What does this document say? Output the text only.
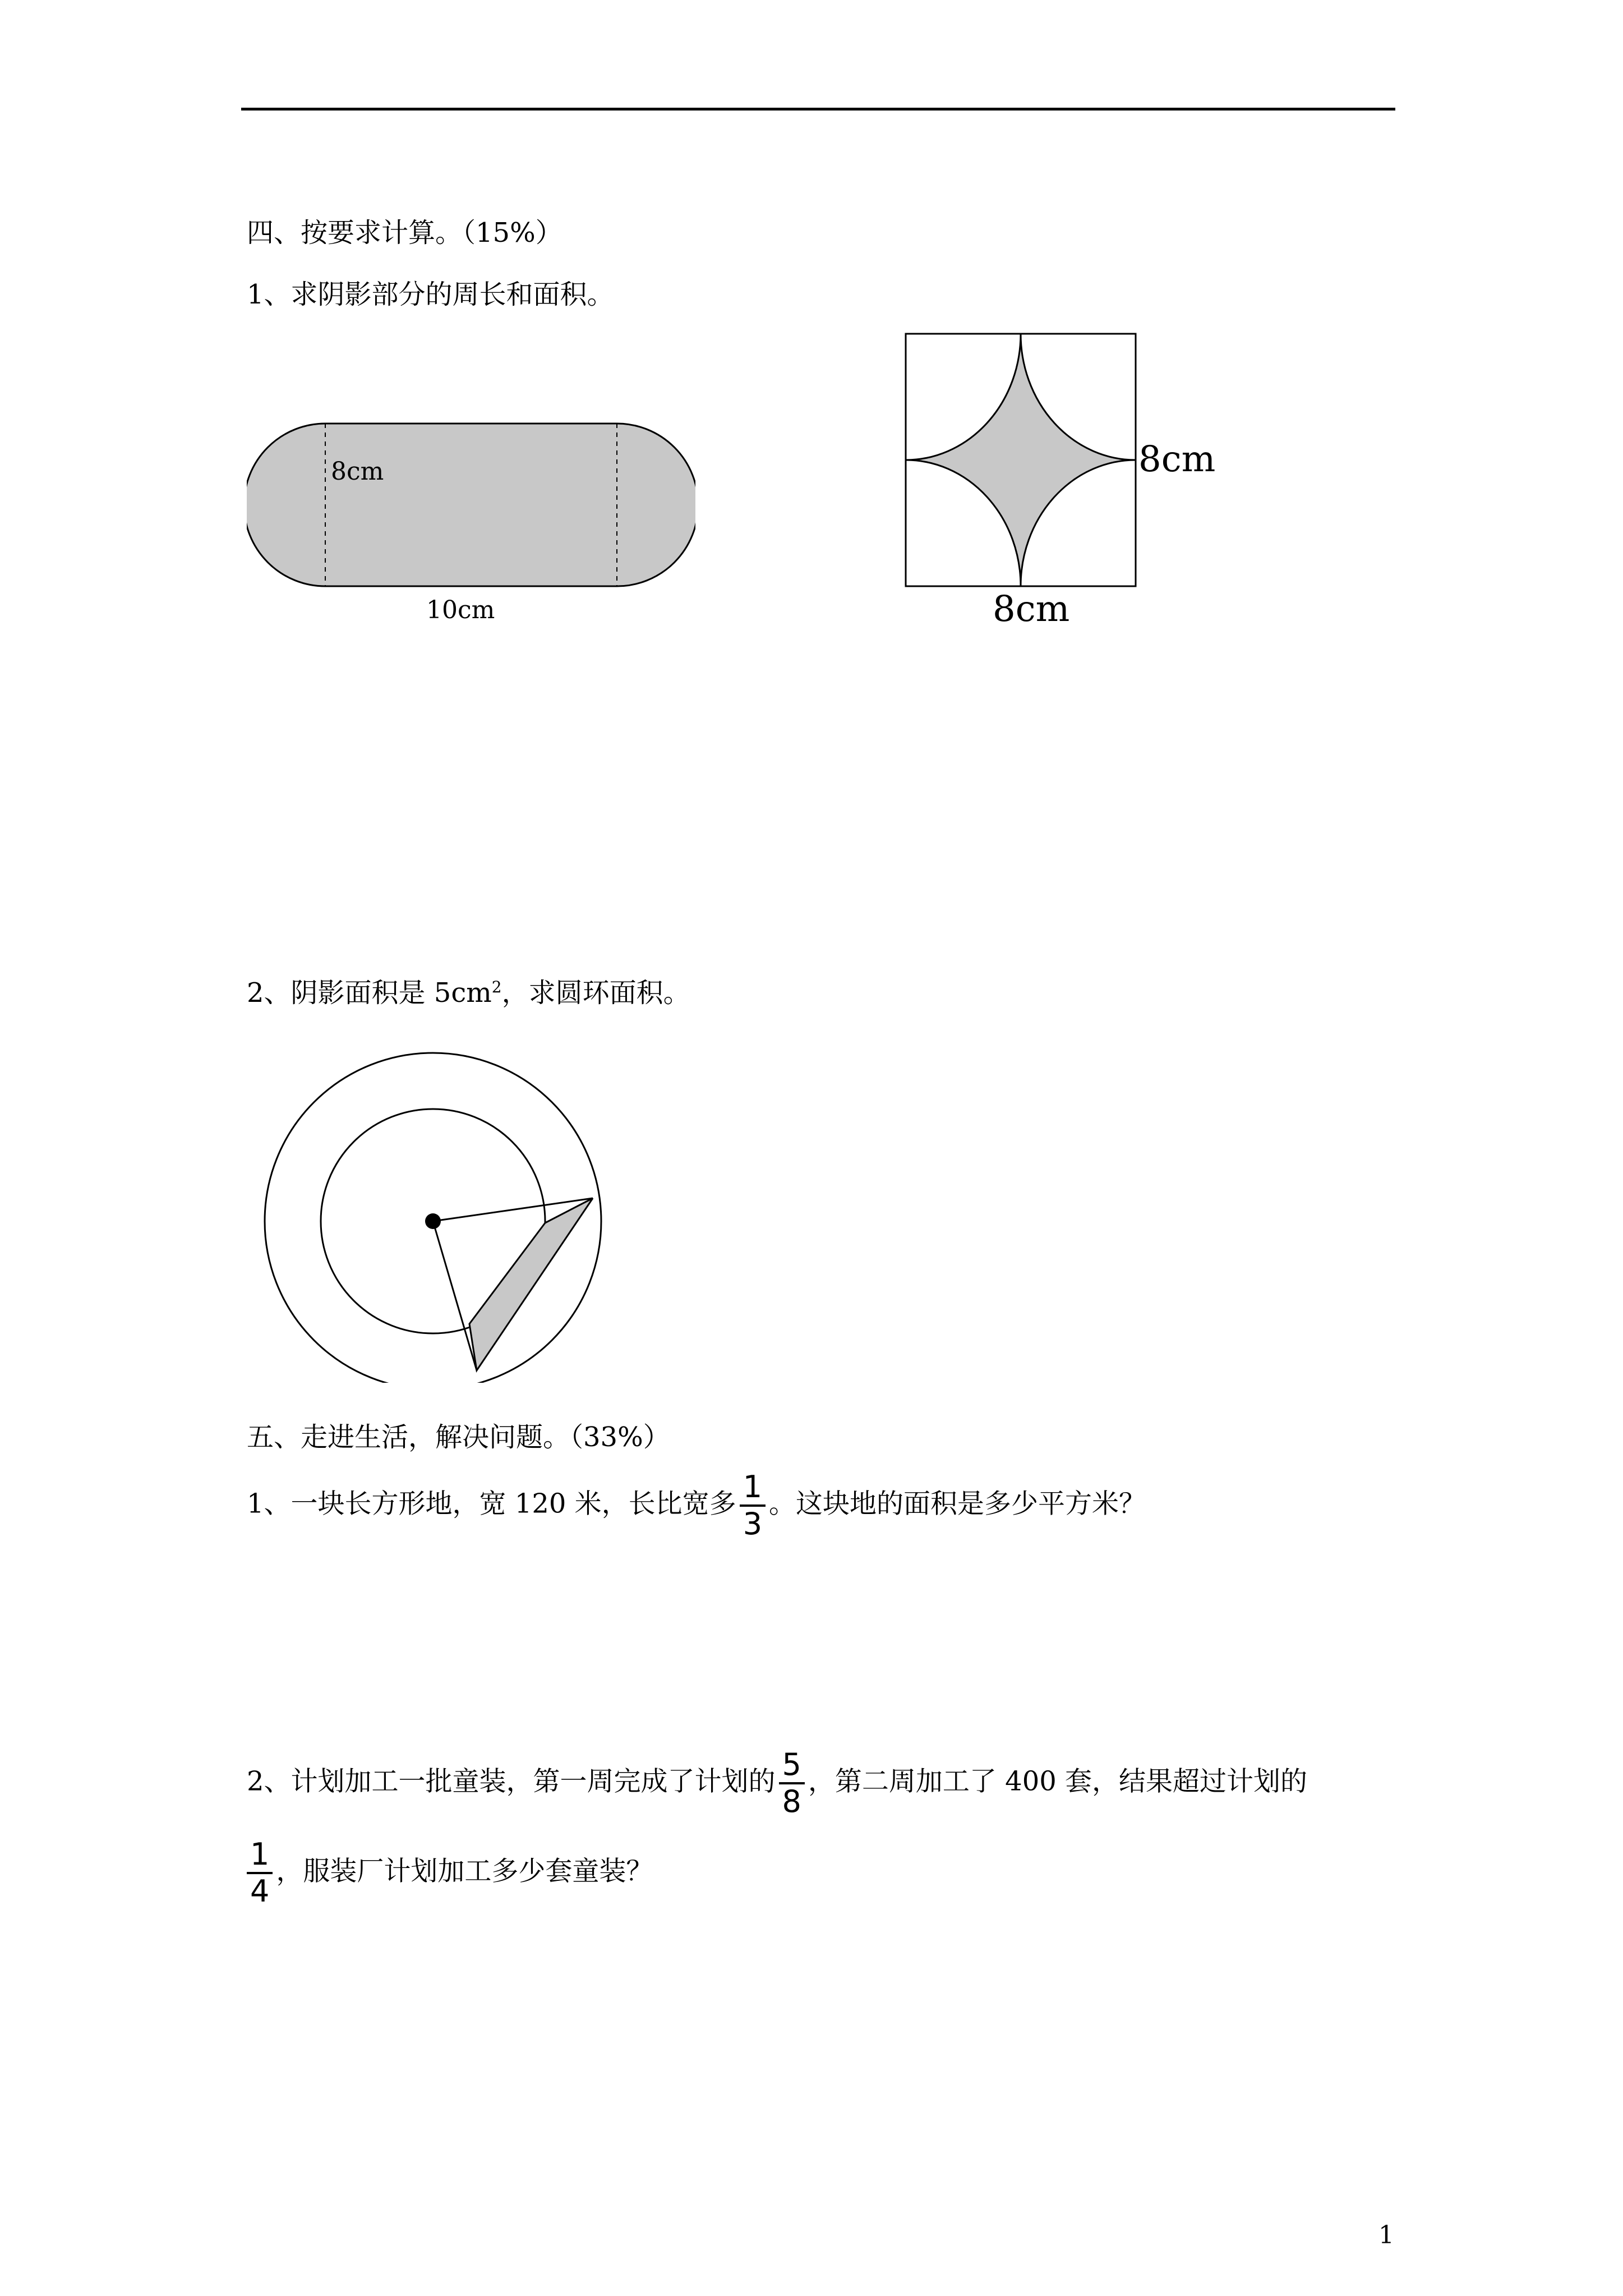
四、按要求计算。（15%）
1、求阴影部分的周长和面积。
8cm
10cm
8cm
8cm
2、阴影面积是 $5cm^2$，求圆环面积。
五、走进生活，解决问题。（33%）
1、一块长方形地，宽 120 米，长比宽多 $\frac{1}{3}$ 。这块地的面积是多少平方米？
2、计划加工一批童装，第一周完成了计划的 $\frac{5}{8}$ ，第二周加工了 400 套，结果超过计划的
$\frac{1}{4}$ ，服装厂计划加工多少套童装？
1
